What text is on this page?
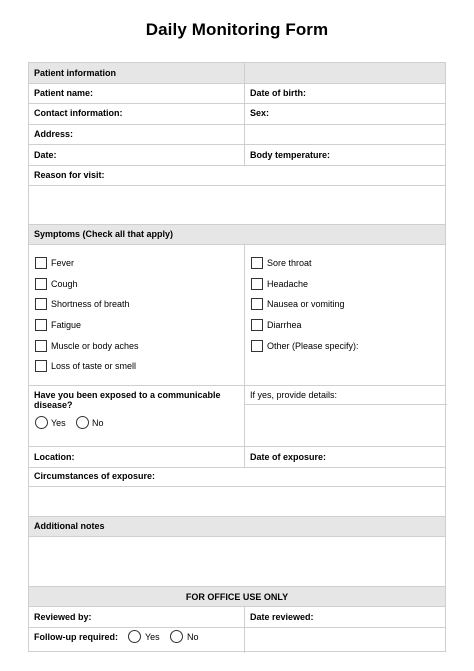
Daily Monitoring Form
Patient information
Patient name:	Date of birth:
Contact information:	Sex:
Address:
Date:	Body temperature:
Reason for visit:
Symptoms (Check all that apply)
Fever
Cough
Shortness of breath
Fatigue
Muscle or body aches
Loss of taste or smell
Sore throat
Headache
Nausea or vomiting
Diarrhea
Other (Please specify):
Have you been exposed to a communicable disease?
If yes, provide details:
Yes	No
Location:	Date of exposure:
Circumstances of exposure:
Additional notes
FOR OFFICE USE ONLY
Reviewed by:	Date reviewed:
Follow-up required:	Yes	No
